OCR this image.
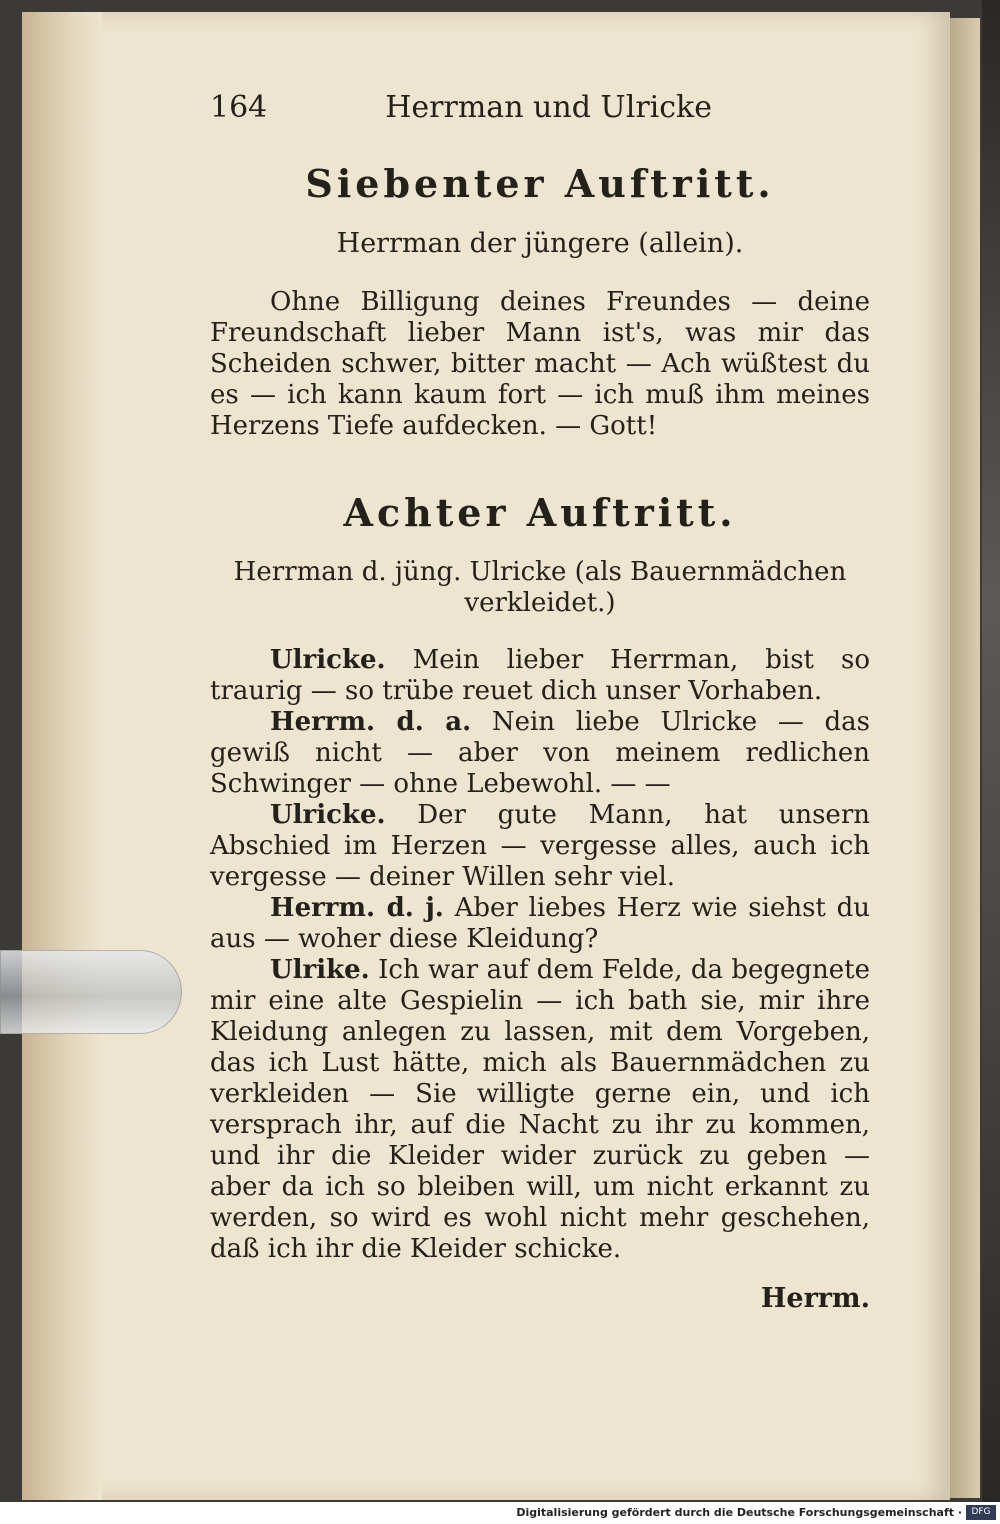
164	Herrman und Ulricke
Siebenter Auftritt.
Herrman der jüngere (allein).

Ohne Billigung deines Freundes — deine Freundschaft lieber Mann ist's, was mir das Scheiden schwer, bitter macht — Ach wüßtest du es — ich kann kaum fort — ich muß ihm meines Herzens Tiefe aufdecken. — Gott!

Achter Auftritt.
Herrman d. jüng. Ulricke (als Bauernmädchen verkleidet.)

Ulricke. Mein lieber Herrman, bist so traurig — so trübe reuet dich unser Vorhaben.

Herrm. d. a. Nein liebe Ulricke — das gewiß nicht — aber von meinem redlichen Schwinger — ohne Lebewohl. — —

Ulricke. Der gute Mann, hat unsern Abschied im Herzen — vergesse alles, auch ich vergesse — deiner Willen sehr viel.

Herrm. d. j. Aber liebes Herz wie siehst du aus — woher diese Kleidung?

Ulrike. Ich war auf dem Felde, da begegnete mir eine alte Gespielin — ich bath sie, mir ihre Kleidung anlegen zu lassen, mit dem Vorgeben, das ich Lust hätte, mich als Bauernmädchen zu verkleiden — Sie willigte gerne ein, und ich versprach ihr, auf die Nacht zu ihr zu kommen, und ihr die Kleider wider zurück zu geben — aber da ich so bleiben will, um nicht erkannt zu werden, so wird es wohl nicht mehr geschehen, daß ich ihr die Kleider schicke.

Herrm.
Digitalisierung gefördert durch die Deutsche Forschungsgemeinschaft ·	DFG
